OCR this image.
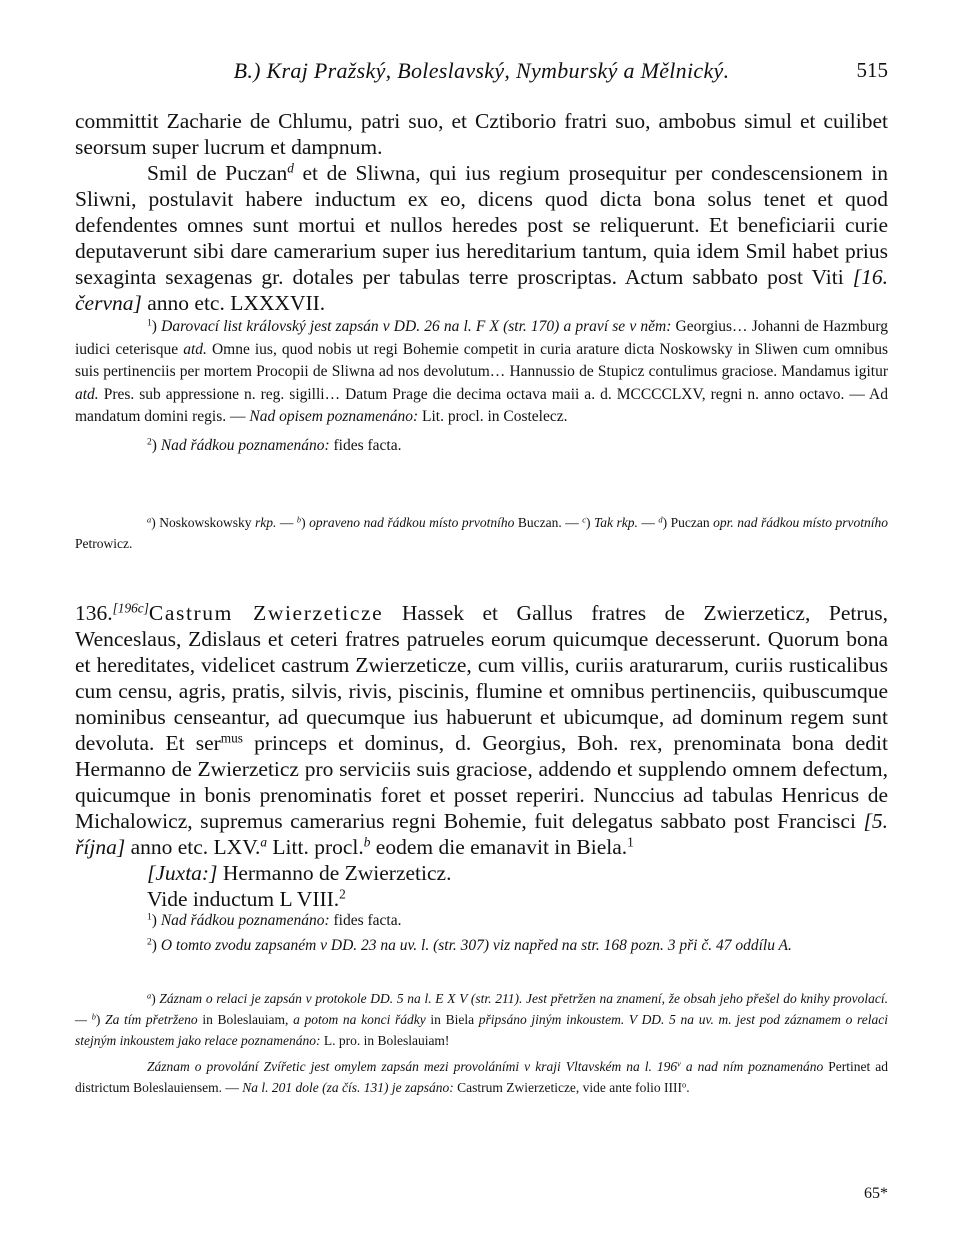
B.) Kraj Pražský, Boleslavský, Nymburský a Mělnický.	515

committit Zacharie de Chlumu, patri suo, et Cztiborio fratri suo, ambobus simul et cuilibet seorsum super lucrum et dampnum.

Smil de Puczan$^d$ et de Sliwna, qui ius regium prosequitur per condescensionem in Sliwni, postulavit habere inductum ex eo, dicens quod dicta bona solus tenet et quod defendentes omnes sunt mortui et nullos heredes post se reliquerunt. Et beneficiarii curie deputaverunt sibi dare camerarium super ius hereditarium tantum, quia idem Smil habet prius sexaginta sexagenas gr. dotales per tabulas terre proscriptas. Actum sabbato post Viti [16. června] anno etc. LXXXVII.

$^1$) Darovací list královský jest zapsán v DD. 26 na l. F X (str. 170) a praví se v něm: Georgius… Johanni de Hazmburg iudici ceterisque atd. Omne ius, quod nobis ut regi Bohemie competit in curia arature dicta Noskowsky in Sliwen cum omnibus suis pertinenciis per mortem Procopii de Sliwna ad nos devolutum… Hannussio de Stupicz contulimus graciose. Mandamus igitur atd. Pres. sub appressione n. reg. sigilli… Datum Prage die decima octava maii a. d. MCCCCLXV, regni n. anno octavo. — Ad mandatum domini regis. — Nad opisem poznamenáno: Lit. procl. in Costelecz.

$^2$) Nad řádkou poznamenáno: fides facta.

$^a$) Noskowskowsky rkp. — $^b$) opraveno nad řádkou místo prvotního Buczan. — $^c$) Tak rkp. — $^d$) Puczan opr. nad řádkou místo prvotního Petrowicz.

136.[196c]Castrum Zwierzeticze Hassek et Gallus fratres de Zwierzeticz, Petrus, Wenceslaus, Zdislaus et ceteri fratres patrueles eorum quicumque decesserunt. Quorum bona et hereditates, videlicet castrum Zwierzeticze, cum villis, curiis araturarum, curiis rusticalibus cum censu, agris, pratis, silvis, rivis, piscinis, flumine et omnibus pertinenciis, quibuscumque nominibus censeantur, ad quecumque ius habuerunt et ubicumque, ad dominum regem sunt devoluta. Et ser$^{mus}$ princeps et dominus, d. Georgius, Boh. rex, prenominata bona dedit Hermanno de Zwierzeticz pro serviciis suis graciose, addendo et supplendo omnem defectum, quicumque in bonis prenominatis foret et posset reperiri. Nunccius ad tabulas Henricus de Michalowicz, supremus camerarius regni Bohemie, fuit delegatus sabbato post Francisci [5. října] anno etc. LXV.$^a$ Litt. procl.$^b$ eodem die emanavit in Biela.$^1$

[Juxta:] Hermanno de Zwierzeticz.

Vide inductum L VIII.$^2$

$^1$) Nad řádkou poznamenáno: fides facta.

$^2$) O tomto zvodu zapsaném v DD. 23 na uv. l. (str. 307) viz napřed na str. 168 pozn. 3 při č. 47 oddílu A.

$^a$) Záznam o relaci je zapsán v protokole DD. 5 na l. E X V (str. 211). Jest přetržen na znamení, že obsah jeho přešel do knihy provolací. — $^b$) Za tím přetrženo in Boleslauiam, a potom na konci řádky in Biela připsáno jiným inkoustem. V DD. 5 na uv. m. jest pod záznamem o relaci stejným inkoustem jako relace poznamenáno: L. pro. in Boleslauiam!

Záznam o provolání Zvířetic jest omylem zapsán mezi provoláními v kraji Vltavském na l. 196$^v$ a nad ním poznamenáno Pertinet ad districtum Boleslauiensem. — Na l. 201 dole (za čís. 131) je zapsáno: Castrum Zwierzeticze, vide ante folio IIII$^o$.

65*
